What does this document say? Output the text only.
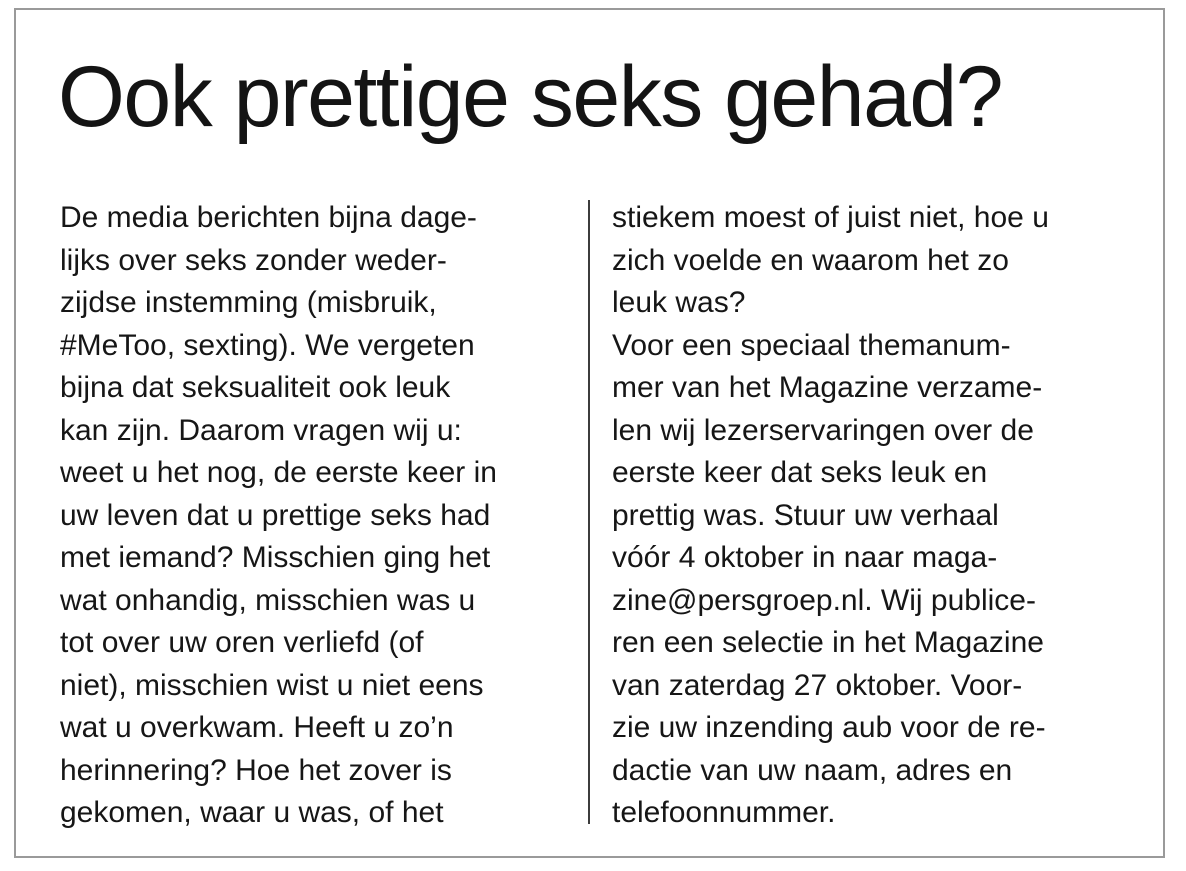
Ook prettige seks gehad?
De media berichten bijna dage-
lijks over seks zonder weder-
zijdse instemming (misbruik,
#MeToo, sexting). We vergeten
bijna dat seksualiteit ook leuk
kan zijn. Daarom vragen wij u:
weet u het nog, de eerste keer in
uw leven dat u prettige seks had
met iemand? Misschien ging het
wat onhandig, misschien was u
tot over uw oren verliefd (of
niet), misschien wist u niet eens
wat u overkwam. Heeft u zo’n
herinnering? Hoe het zover is
gekomen, waar u was, of het
stiekem moest of juist niet, hoe u
zich voelde en waarom het zo
leuk was?
Voor een speciaal themanum-
mer van het Magazine verzame-
len wij lezerservaringen over de
eerste keer dat seks leuk en
prettig was. Stuur uw verhaal
vóór 4 oktober in naar maga-
zine@persgroep.nl. Wij publice-
ren een selectie in het Magazine
van zaterdag 27 oktober. Voor-
zie uw inzending aub voor de re-
dactie van uw naam, adres en
telefoonnummer.
